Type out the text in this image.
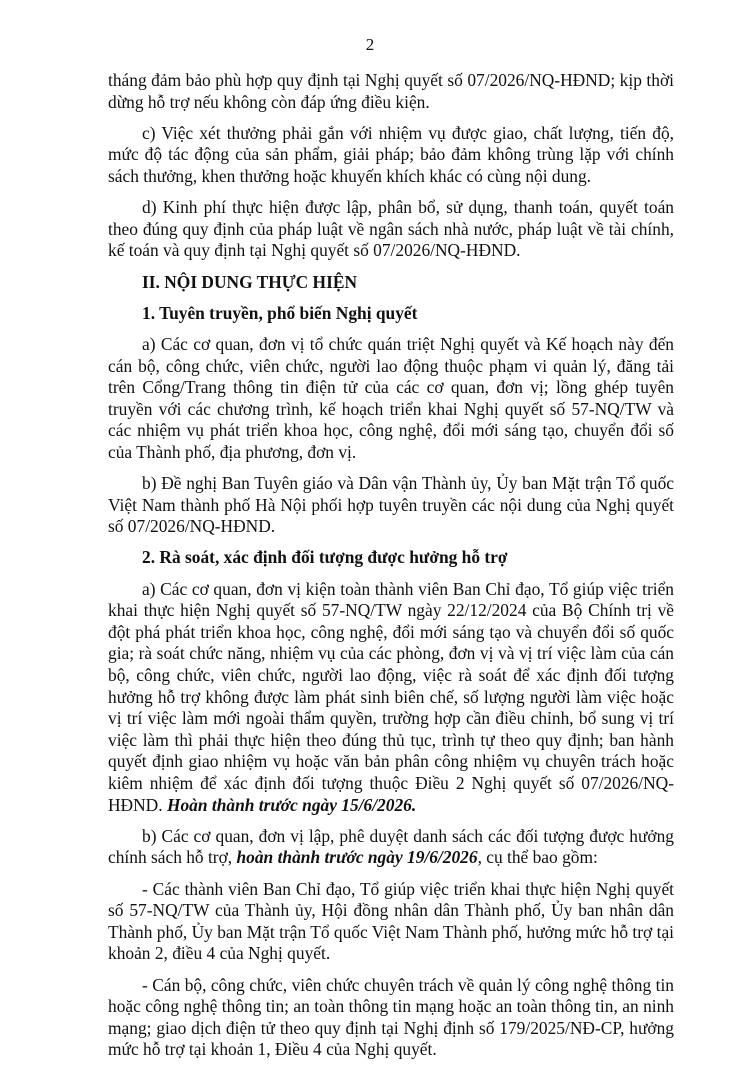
2

tháng đảm bảo phù hợp quy định tại Nghị quyết số 07/2026/NQ-HĐND; kịp thời dừng hỗ trợ nếu không còn đáp ứng điều kiện.

c) Việc xét thưởng phải gắn với nhiệm vụ được giao, chất lượng, tiến độ, mức độ tác động của sản phẩm, giải pháp; bảo đảm không trùng lặp với chính sách thưởng, khen thưởng hoặc khuyến khích khác có cùng nội dung.

d) Kinh phí thực hiện được lập, phân bổ, sử dụng, thanh toán, quyết toán theo đúng quy định của pháp luật về ngân sách nhà nước, pháp luật về tài chính, kế toán và quy định tại Nghị quyết số 07/2026/NQ-HĐND.

II. NỘI DUNG THỰC HIỆN
1. Tuyên truyền, phổ biến Nghị quyết

a) Các cơ quan, đơn vị tổ chức quán triệt Nghị quyết và Kế hoạch này đến cán bộ, công chức, viên chức, người lao động thuộc phạm vi quản lý, đăng tải trên Cổng/Trang thông tin điện tử của các cơ quan, đơn vị; lồng ghép tuyên truyền với các chương trình, kế hoạch triển khai Nghị quyết số 57-NQ/TW và các nhiệm vụ phát triển khoa học, công nghệ, đổi mới sáng tạo, chuyển đổi số của Thành phố, địa phương, đơn vị.

b) Đề nghị Ban Tuyên giáo và Dân vận Thành ủy, Ủy ban Mặt trận Tổ quốc Việt Nam thành phố Hà Nội phối hợp tuyên truyền các nội dung của Nghị quyết số 07/2026/NQ-HĐND.

2. Rà soát, xác định đối tượng được hưởng hỗ trợ

a) Các cơ quan, đơn vị kiện toàn thành viên Ban Chỉ đạo, Tổ giúp việc triển khai thực hiện Nghị quyết số 57-NQ/TW ngày 22/12/2024 của Bộ Chính trị về đột phá phát triển khoa học, công nghệ, đổi mới sáng tạo và chuyển đổi số quốc gia; rà soát chức năng, nhiệm vụ của các phòng, đơn vị và vị trí việc làm của cán bộ, công chức, viên chức, người lao động, việc rà soát để xác định đối tượng hưởng hỗ trợ không được làm phát sinh biên chế, số lượng người làm việc hoặc vị trí việc làm mới ngoài thẩm quyền, trường hợp cần điều chỉnh, bổ sung vị trí việc làm thì phải thực hiện theo đúng thủ tục, trình tự theo quy định; ban hành quyết định giao nhiệm vụ hoặc văn bản phân công nhiệm vụ chuyên trách hoặc kiêm nhiệm để xác định đối tượng thuộc Điều 2 Nghị quyết số 07/2026/NQ-HĐND. Hoàn thành trước ngày 15/6/2026.

b) Các cơ quan, đơn vị lập, phê duyệt danh sách các đối tượng được hưởng chính sách hỗ trợ, hoàn thành trước ngày 19/6/2026, cụ thể bao gồm:

- Các thành viên Ban Chỉ đạo, Tổ giúp việc triển khai thực hiện Nghị quyết số 57-NQ/TW của Thành ủy, Hội đồng nhân dân Thành phố, Ủy ban nhân dân Thành phố, Ủy ban Mặt trận Tổ quốc Việt Nam Thành phố, hưởng mức hỗ trợ tại khoản 2, điều 4 của Nghị quyết.

- Cán bộ, công chức, viên chức chuyên trách về quản lý công nghệ thông tin hoặc công nghệ thông tin; an toàn thông tin mạng hoặc an toàn thông tin, an ninh mạng; giao dịch điện tử theo quy định tại Nghị định số 179/2025/NĐ-CP, hưởng mức hỗ trợ tại khoản 1, Điều 4 của Nghị quyết.
